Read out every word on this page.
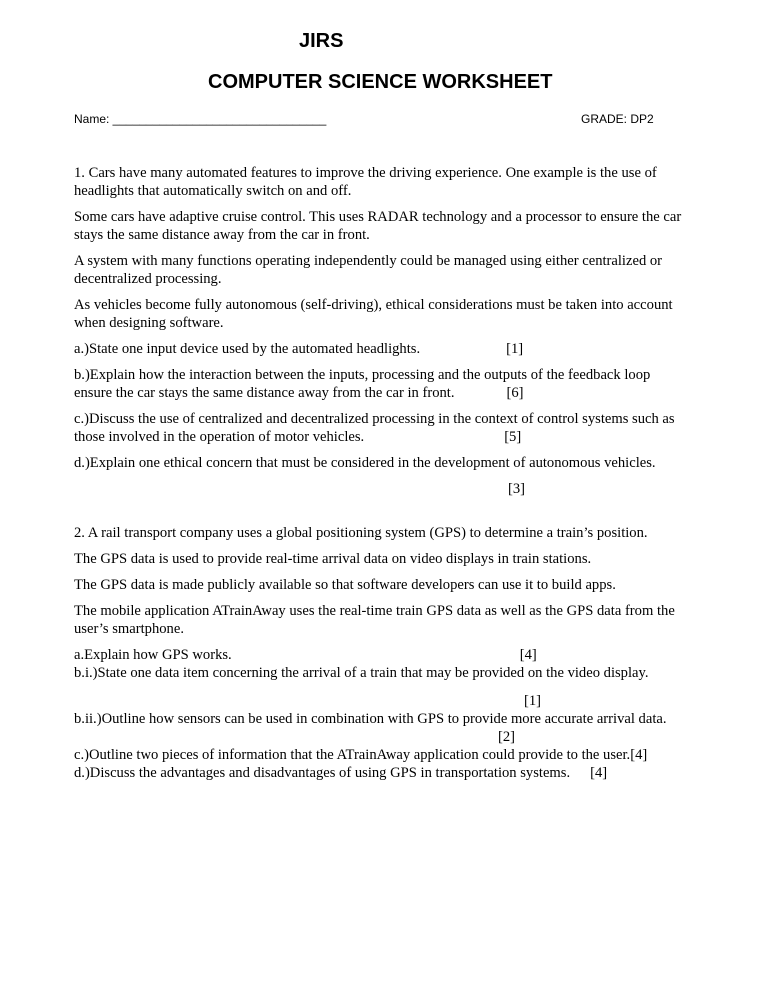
JIRS
COMPUTER SCIENCE WORKSHEET
Name: ________________________________	GRADE: DP2

1. Cars have many automated features to improve the driving experience. One example is the use of headlights that automatically switch on and off.

Some cars have adaptive cruise control. This uses RADAR technology and a processor to ensure the car stays the same distance away from the car in front.

A system with many functions operating independently could be managed using either centralized or decentralized processing.

As vehicles become fully autonomous (self-driving), ethical considerations must be taken into account when designing software.

a.)State one input device used by the automated headlights.	[1]

b.)Explain how the interaction between the inputs, processing and the outputs of the feedback loop ensure the car stays the same distance away from the car in front.	[6]

c.)Discuss the use of centralized and decentralized processing in the context of control systems such as those involved in the operation of motor vehicles.	[5]

d.)Explain one ethical concern that must be considered in the development of autonomous vehicles.

[3]

2. A rail transport company uses a global positioning system (GPS) to determine a train’s position.

The GPS data is used to provide real-time arrival data on video displays in train stations.

The GPS data is made publicly available so that software developers can use it to build apps.

The mobile application ATrainAway uses the real-time train GPS data as well as the GPS data from the user’s smartphone.

a.Explain how GPS works.	[4]

b.i.)State one data item concerning the arrival of a train that may be provided on the video display.

[1]

b.ii.)Outline how sensors can be used in combination with GPS to provide more accurate arrival data.[2]

c.)Outline two pieces of information that the ATrainAway application could provide to the user.[4]

d.)Discuss the advantages and disadvantages of using GPS in transportation systems. [4]
